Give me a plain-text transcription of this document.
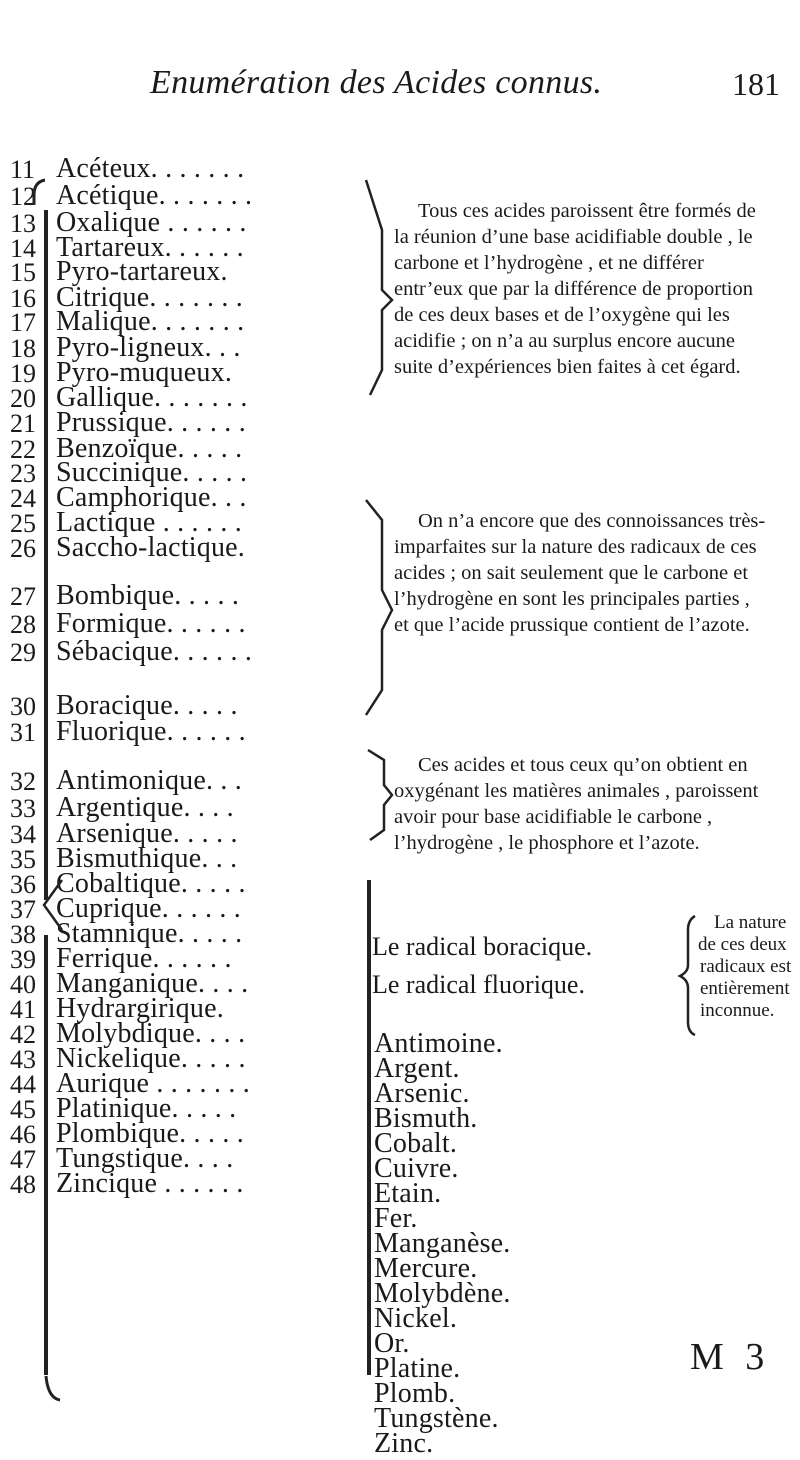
Enumération des Acides connus.	181
11 Acéteux. . . . . . .
12 Acétique. . . . . . .
13 Oxalique . . . . . .
14 Tartareux. . . . . .
15 Pyro-tartareux.
16 Citrique. . . . . . .
17 Malique. . . . . . .
18 Pyro-ligneux. . .
19 Pyro-muqueux.
20 Gallique. . . . . . .
21 Prussique. . . . . .
22 Benzoïque. . . . .
23 Succinique. . . . .
24 Camphorique. . .
25 Lactique . . . . . .
26 Saccho-lactique.
27 Bombique. . . . .
28 Formique. . . . . .
29 Sébacique. . . . . .
30 Boracique. . . . .
31 Fluorique. . . . . .
32 Antimonique. . .
33 Argentique. . . .
34 Arsenique. . . . .
35 Bismuthique. . .
36 Cobaltique. . . . .
37 Cuprique. . . . . .
38 Stamnique. . . . .
39 Ferrique. . . . . .
40 Manganique. . . .
41 Hydrargirique.
42 Molybdique. . . .
43 Nickelique. . . . .
44 Aurique . . . . . . .
45 Platinique. . . . .
46 Plombique. . . . .
47 Tungstique. . . .
48 Zincique . . . . . .
Tous ces acides paroissent être formés de la réunion d’une base acidifiable double , le carbone et l’hydrogène , et ne différer entr’eux que par la différence de proportion de ces deux bases et de l’oxygène qui les acidifie ; on n’a au surplus encore aucune suite d’expériences bien faites à cet égard.
On n’a encore que des connoissances très-imparfaites sur la nature des radicaux de ces acides ; on sait seulement que le carbone et l’hydrogène en sont les principales parties , et que l’acide prussique contient de l’azote.
Ces acides et tous ceux qu’on obtient en oxygénant les matières animales , paroissent avoir pour base acidifiable le carbone , l’hydrogène , le phosphore et l’azote.
Le radical boracique.
Le radical fluorique.
La nature
de ces deux
radicaux est
entièrement
inconnue.
Antimoine.
Argent.
Arsenic.
Bismuth.
Cobalt.
Cuivre.
Etain.
Fer.
Manganèse.
Mercure.
Molybdène.
Nickel.
Or.
Platine.
Plomb.
Tungstène.
Zinc.
M 3
